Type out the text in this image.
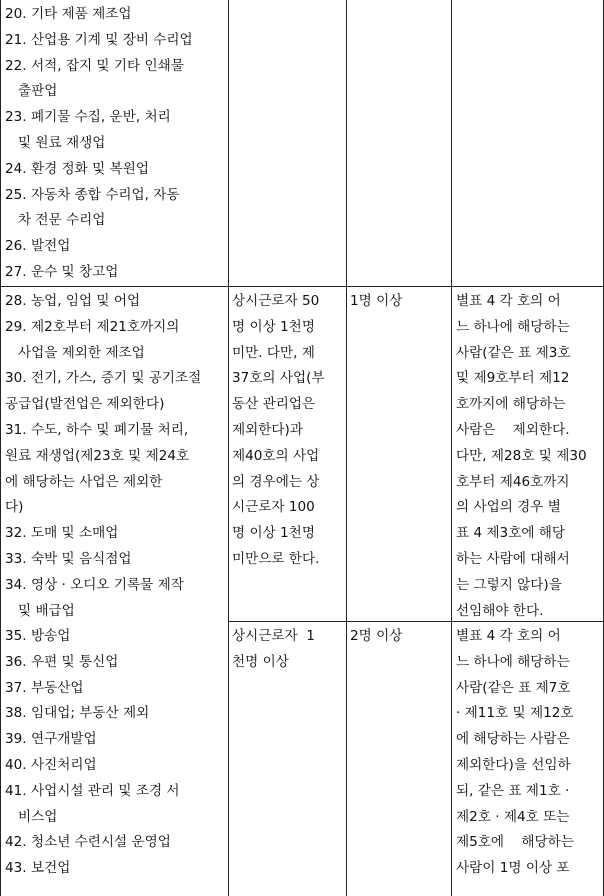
20. 기타 제품 제조업
21. 산업용 기계 및 장비 수리업
22. 서적, 잡지 및 기타 인쇄물
출판업
23. 폐기물 수집, 운반, 처리
및 원료 재생업
24. 환경 정화 및 복원업
25. 자동차 종합 수리업, 자동
차 전문 수리업
26. 발전업
27. 운수 및 창고업
28. 농업, 임업 및 어업
29. 제2호부터 제21호까지의
사업을 제외한 제조업
30. 전기, 가스, 증기 및 공기조절
공급업(발전업은 제외한다)
31. 수도, 하수 및 폐기물 처리,
원료 재생업(제23호 및 제24호
에 해당하는 사업은 제외한
다)
32. 도매 및 소매업
33. 숙박 및 음식점업
34. 영상 · 오디오 기록물 제작
및 배급업
상시근로자 50
명 이상 1천명
미만. 다만, 제
37호의 사업(부
동산 관리업은
제외한다)과
제40호의 사업
의 경우에는 상
시근로자 100
명 이상 1천명
미만으로 한다.
1명 이상	별표 4 각 호의 어
느 하나에 해당하는
사람(같은 표 제3호
및 제9호부터 제12
호까지에 해당하는
사람은    제외한다.
다만, 제28호 및 제30
호부터 제46호까지
의 사업의 경우 별
표 4 제3호에 해당
하는 사람에 대해서
는 그렇지 않다)을
선임해야 한다.
35. 방송업
36. 우편 및 통신업
37. 부동산업
38. 임대업; 부동산 제외
39. 연구개발업
40. 사진처리업
41. 사업시설 관리 및 조경 서
비스업
42. 청소년 수련시설 운영업
43. 보건업
상시근로자  1
천명 이상
2명 이상	별표 4 각 호의 어
느 하나에 해당하는
사람(같은 표 제7호
· 제11호 및 제12호
에 해당하는 사람은
제외한다)을 선임하
되, 같은 표 제1호 ·
제2호 · 제4호 또는
제5호에    해당하는
사람이 1명 이상 포
